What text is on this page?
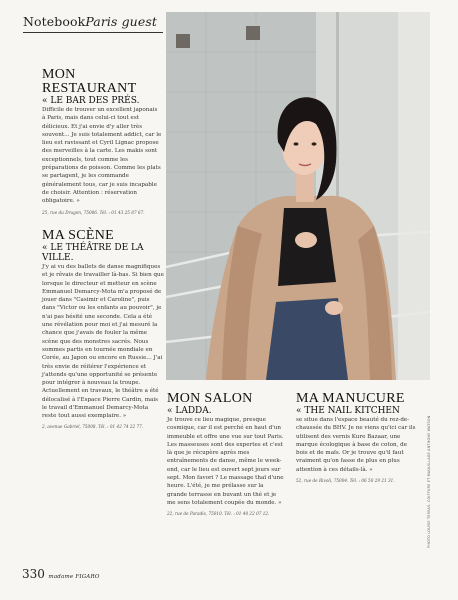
NotebookParis guest
MON RESTAURANT
« LE BAR DES PRÉS.
Difficile de trouver un excellent japonais à Paris, mais dans celui-ci tout est délicieux. Et j'ai envie d'y aller très souvent... Je suis totalement addict, car le lieu est ravissant et Cyril Lignac propose des merveilles à la carte. Les makis sont exceptionnels, tout comme les préparations de poisson. Comme les plats se partagent, je les commande généralement tous, car je suis incapable de choisir. Attention : réservation obligatoire. »
25, rue du Dragon, 75006. Tél. : 01 43 25 87 67.
MA SCÈNE
« LE THÉÂTRE DE LA VILLE.
J'y ai vu des ballets de danse magnifiques et je rêvais de travailler là-bas. Si bien que lorsque le directeur et metteur en scène Emmanuel Demarcy-Mota m'a proposé de jouer dans "Casimir et Caroline", puis dans "Victor ou les enfants au pouvoir", je n'ai pas hésité une seconde. Cela a été une révélation pour moi et j'ai mesuré la chance que j'avais de fouler la même scène que des monstres sacrés. Nous sommes partis en tournée mondiale en Corée, au Japon ou encore en Russie... J'ai très envie de réitérer l'expérience et j'attends qu'une opportunité se présente pour intégrer à nouveau la troupe. Actuellement en travaux, le théâtre a été délocalisé à l'Espace Pierre Cardin, mais le travail d'Emmanuel Demarcy-Mota reste tout aussi exemplaire. »
2, avenue Gabriel, 75008. Tél. : 01 42 74 22 77.
MON SALON
« LADDA.
Je trouve ce lieu magique, presque cosmique, car il est perché en haut d'un immeuble et offre une vue sur tout Paris. Les masseuses sont des expertes et c'est là que je récupère après mes entraînements de danse, même le week-end, car le lieu est ouvert sept jours sur sept. Mon favori ? Le massage thaï d'une heure. L'été, je me prélasse sur la grande terrasse en buvant un thé et je me sens totalement coupée du monde. »
22, rue de Paradis, 75010. Tél. : 01 40 22 07 12.
MA MANUCURE
« THE NAIL KITCHEN
se situe dans l'espace beauté du rez-de-chaussée du BHV. Je ne viens qu'ici car ils utilisent des vernis Kure Bazaar, une marque écologique à base de coton, de bois et de maïs. Or je trouve qu'il faut vraiment qu'on fasse de plus en plus attention à ces détails-là. »
52, rue de Rivoli, 75004. Tél. : 06 50 29 21 31.	PHOTO LOUISE TERRAS. COIFFURE ET MAQUILLAGE ANTHONY WATSON
330 madame FIGARO
